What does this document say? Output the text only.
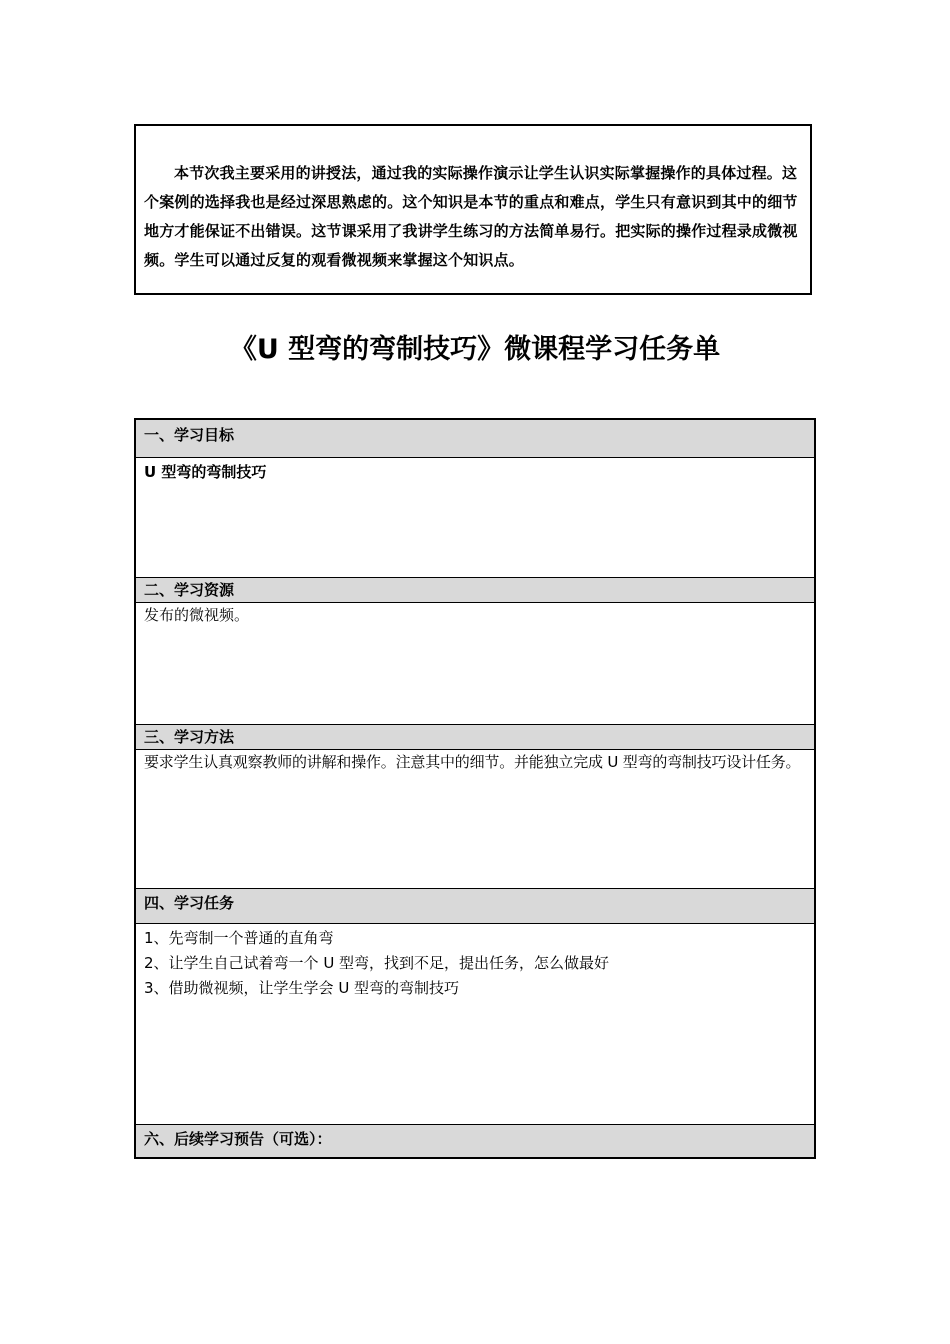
本节次我主要采用的讲授法，通过我的实际操作演示让学生认识实际掌握操作的具体过程。这个案例的选择我也是经过深思熟虑的。这个知识是本节的重点和难点，学生只有意识到其中的细节地方才能保证不出错误。这节课采用了我讲学生练习的方法简单易行。把实际的操作过程录成微视频。学生可以通过反复的观看微视频来掌握这个知识点。

《U 型弯的弯制技巧》微课程学习任务单
一、学习目标
U 型弯的弯制技巧
二、学习资源
发布的微视频。
三、学习方法
要求学生认真观察教师的讲解和操作。注意其中的细节。并能独立完成 U 型弯的弯制技巧设计任务。
四、学习任务

1、先弯制一个普通的直角弯
2、让学生自己试着弯一个 U 型弯，找到不足，提出任务，怎么做最好
3、借助微视频，让学生学会 U 型弯的弯制技巧

六、后续学习预告（可选）：
